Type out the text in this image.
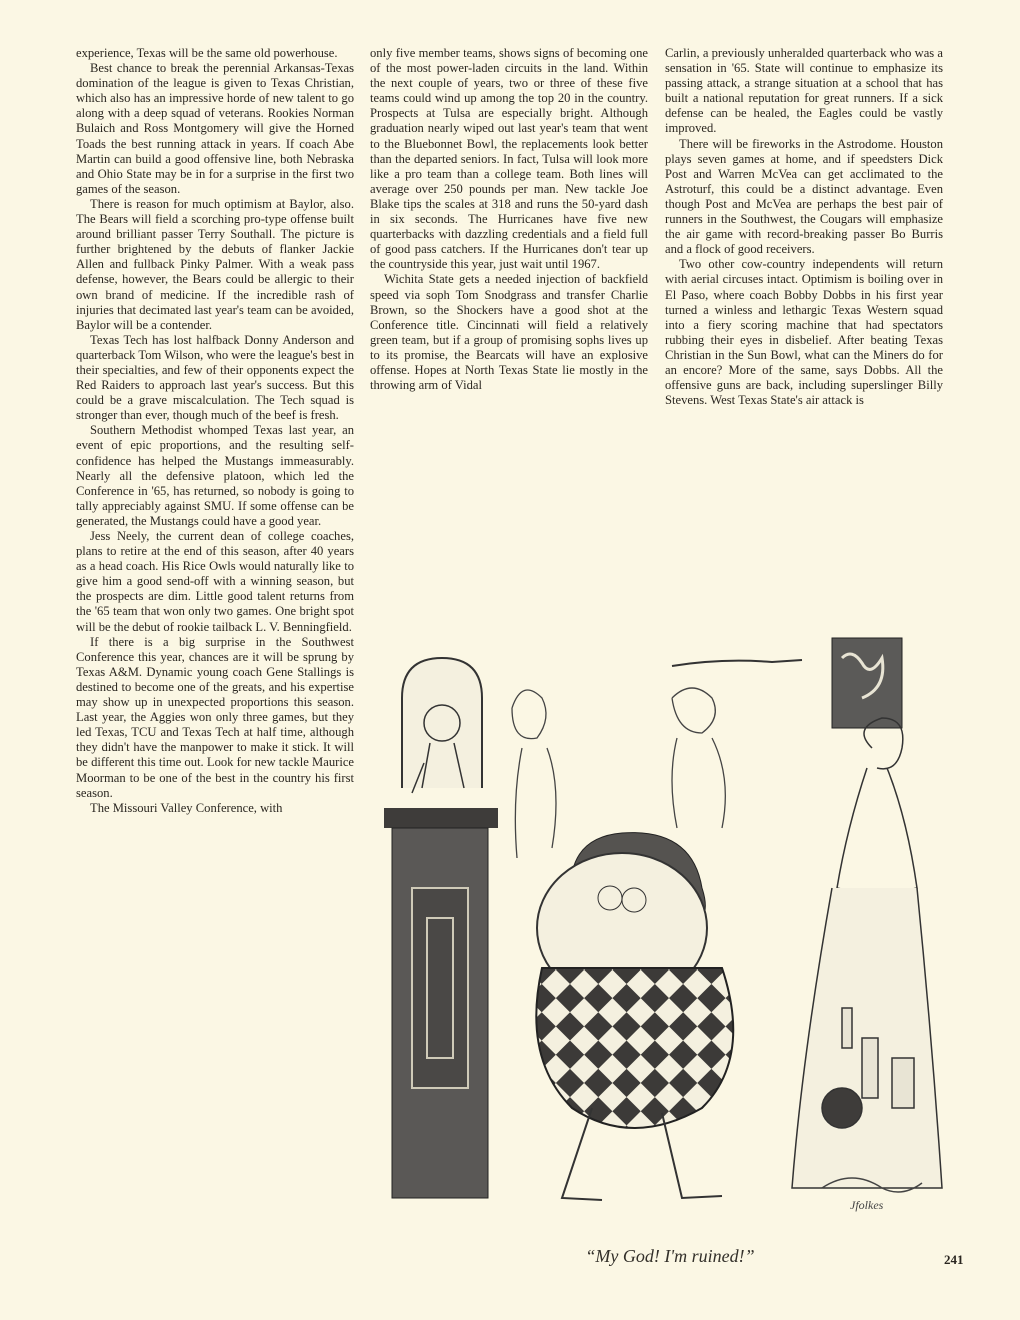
experience, Texas will be the same old powerhouse.

Best chance to break the perennial Arkansas-Texas domination of the league is given to Texas Christian, which also has an impressive horde of new talent to go along with a deep squad of veterans. Rookies Norman Bulaich and Ross Montgomery will give the Horned Toads the best running attack in years. If coach Abe Martin can build a good offensive line, both Nebraska and Ohio State may be in for a surprise in the first two games of the season.

There is reason for much optimism at Baylor, also. The Bears will field a scorching pro-type offense built around brilliant passer Terry Southall. The picture is further brightened by the debuts of flanker Jackie Allen and fullback Pinky Palmer. With a weak pass defense, however, the Bears could be allergic to their own brand of medicine. If the incredible rash of injuries that decimated last year's team can be avoided, Baylor will be a contender.

Texas Tech has lost halfback Donny Anderson and quarterback Tom Wilson, who were the league's best in their specialties, and few of their opponents expect the Red Raiders to approach last year's success. But this could be a grave miscalculation. The Tech squad is stronger than ever, though much of the beef is fresh.

Southern Methodist whomped Texas last year, an event of epic proportions, and the resulting self-confidence has helped the Mustangs immeasurably. Nearly all the defensive platoon, which led the Conference in '65, has returned, so nobody is going to tally appreciably against SMU. If some offense can be generated, the Mustangs could have a good year.

Jess Neely, the current dean of college coaches, plans to retire at the end of this season, after 40 years as a head coach. His Rice Owls would naturally like to give him a good send-off with a winning season, but the prospects are dim. Little good talent returns from the '65 team that won only two games. One bright spot will be the debut of rookie tailback L. V. Benningfield.

If there is a big surprise in the Southwest Conference this year, chances are it will be sprung by Texas A&M. Dynamic young coach Gene Stallings is destined to become one of the greats, and his expertise may show up in unexpected proportions this season. Last year, the Aggies won only three games, but they led Texas, TCU and Texas Tech at half time, although they didn't have the manpower to make it stick. It will be different this time out. Look for new tackle Maurice Moorman to be one of the best in the country his first season.

The Missouri Valley Conference, with

only five member teams, shows signs of becoming one of the most power-laden circuits in the land. Within the next couple of years, two or three of these five teams could wind up among the top 20 in the country. Prospects at Tulsa are especially bright. Although graduation nearly wiped out last year's team that went to the Bluebonnet Bowl, the replacements look better than the departed seniors. In fact, Tulsa will look more like a pro team than a college team. Both lines will average over 250 pounds per man. New tackle Joe Blake tips the scales at 318 and runs the 50-yard dash in six seconds. The Hurricanes have five new quarterbacks with dazzling credentials and a field full of good pass catchers. If the Hurricanes don't tear up the countryside this year, just wait until 1967.

Wichita State gets a needed injection of backfield speed via soph Tom Snodgrass and transfer Charlie Brown, so the Shockers have a good shot at the Conference title. Cincinnati will field a relatively green team, but if a group of promising sophs lives up to its promise, the Bearcats will have an explosive offense. Hopes at North Texas State lie mostly in the throwing arm of Vidal

Carlin, a previously unheralded quarterback who was a sensation in '65. State will continue to emphasize its passing attack, a strange situation at a school that has built a national reputation for great runners. If a sick defense can be healed, the Eagles could be vastly improved.

There will be fireworks in the Astrodome. Houston plays seven games at home, and if speedsters Dick Post and Warren McVea can get acclimated to the Astroturf, this could be a distinct advantage. Even though Post and McVea are perhaps the best pair of runners in the Southwest, the Cougars will emphasize the air game with record-breaking passer Bo Burris and a flock of good receivers.

Two other cow-country independents will return with aerial circuses intact. Optimism is boiling over in El Paso, where coach Bobby Dobbs in his first year turned a winless and lethargic Texas Western squad into a fiery scoring machine that had spectators rubbing their eyes in disbelief. After beating Texas Christian in the Sun Bowl, what can the Miners do for an encore? More of the same, says Dobbs. All the offensive guns are back, including superslinger Billy Stevens. West Texas State's air attack is

Jfolkes
“My God! I'm ruined!”	241
